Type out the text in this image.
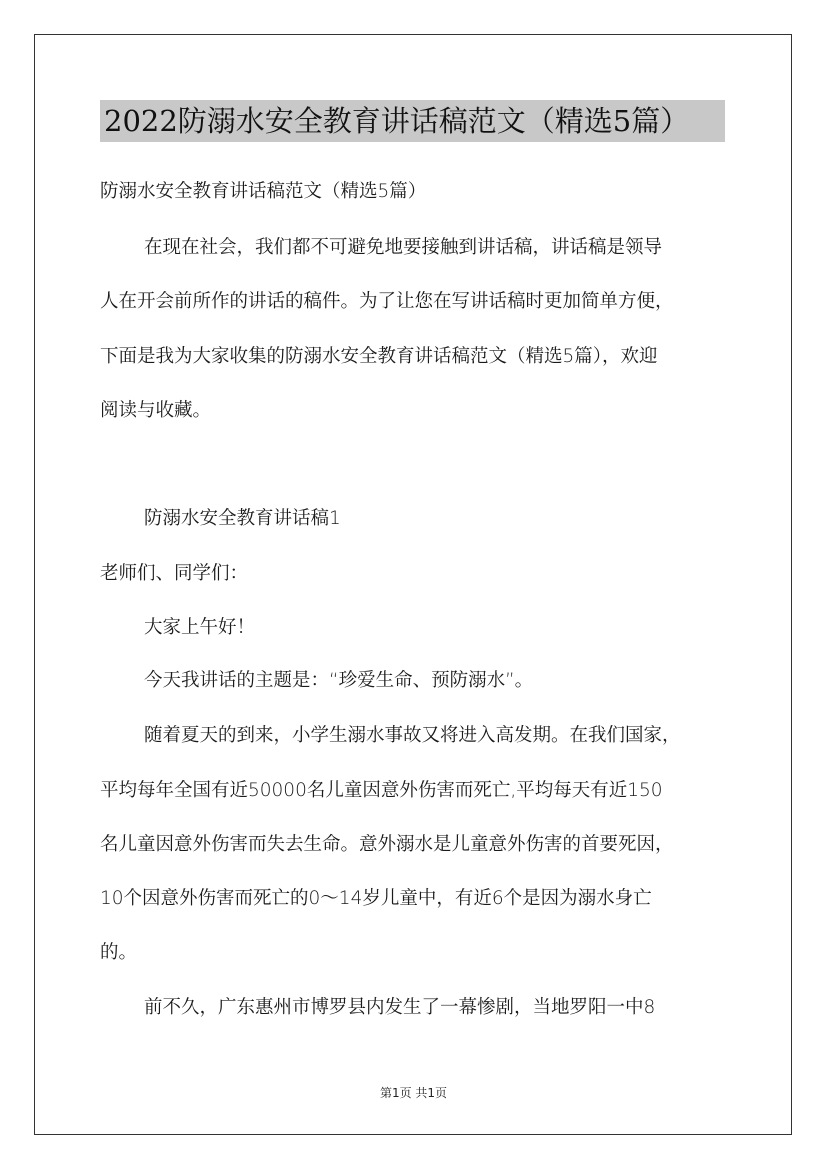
2022防溺水安全教育讲话稿范文（精选5篇）
防溺水安全教育讲话稿范文（精选5篇）
在现在社会，我们都不可避免地要接触到讲话稿，讲话稿是领导
人在开会前所作的讲话的稿件。为了让您在写讲话稿时更加简单方便，
下面是我为大家收集的防溺水安全教育讲话稿范文（精选5篇），欢迎
阅读与收藏。
防溺水安全教育讲话稿1
老师们、同学们：
大家上午好！
今天我讲话的主题是：“珍爱生命、预防溺水”。
随着夏天的到来，小学生溺水事故又将进入高发期。在我们国家，
平均每年全国有近50000名儿童因意外伤害而死亡,平均每天有近150
名儿童因意外伤害而失去生命。意外溺水是儿童意外伤害的首要死因，
10个因意外伤害而死亡的0～14岁儿童中，有近6个是因为溺水身亡
的。
前不久，广东惠州市博罗县内发生了一幕惨剧，当地罗阳一中8
第1页 共1页
